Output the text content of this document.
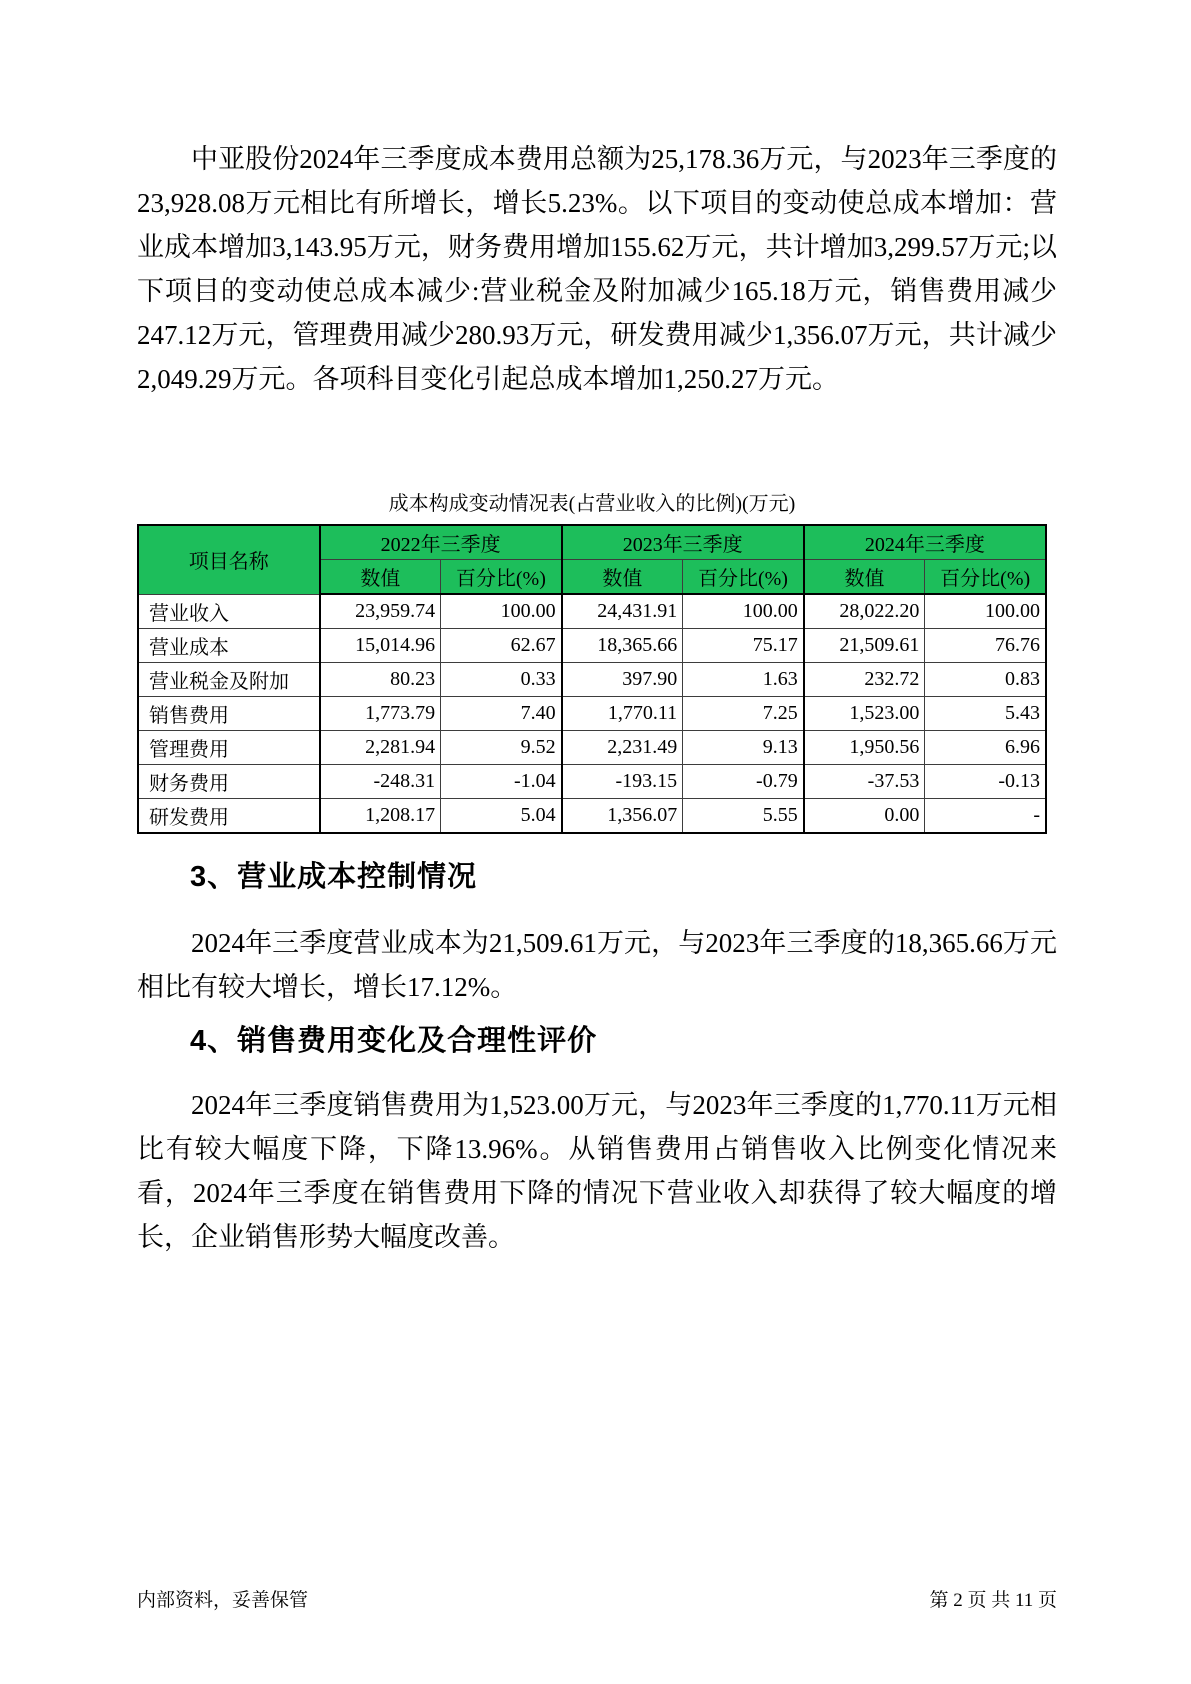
中亚股份2024年三季度成本费用总额为25,178.36万元，与2023年三季度的23,928.08万元相比有所增长，增长5.23%。以下项目的变动使总成本增加：营业成本增加3,143.95万元，财务费用增加155.62万元，共计增加3,299.57万元;以下项目的变动使总成本减少:营业税金及附加减少165.18万元，销售费用减少247.12万元，管理费用减少280.93万元，研发费用减少1,356.07万元，共计减少2,049.29万元。各项科目变化引起总成本增加1,250.27万元。

成本构成变动情况表(占营业收入的比例)(万元)
项目名称	2022年三季度		2023年三季度		2024年三季度	
	数值	百分比(%)	数值	百分比(%)	数值	百分比(%)
营业收入	23,959.74	100.00	24,431.91	100.00	28,022.20	100.00
营业成本	15,014.96	62.67	18,365.66	75.17	21,509.61	76.76
营业税金及附加	80.23	0.33	397.90	1.63	232.72	0.83
销售费用	1,773.79	7.40	1,770.11	7.25	1,523.00	5.43
管理费用	2,281.94	9.52	2,231.49	9.13	1,950.56	6.96
财务费用	-248.31	-1.04	-193.15	-0.79	-37.53	-0.13
研发费用	1,208.17	5.04	1,356.07	5.55	0.00	-
3、营业成本控制情况

2024年三季度营业成本为21,509.61万元，与2023年三季度的18,365.66万元相比有较大增长，增长17.12%。

4、销售费用变化及合理性评价

2024年三季度销售费用为1,523.00万元，与2023年三季度的1,770.11万元相比有较大幅度下降，下降13.96%。从销售费用占销售收入比例变化情况来看，2024年三季度在销售费用下降的情况下营业收入却获得了较大幅度的增长，企业销售形势大幅度改善。

内部资料，妥善保管	第 2 页 共 11 页
